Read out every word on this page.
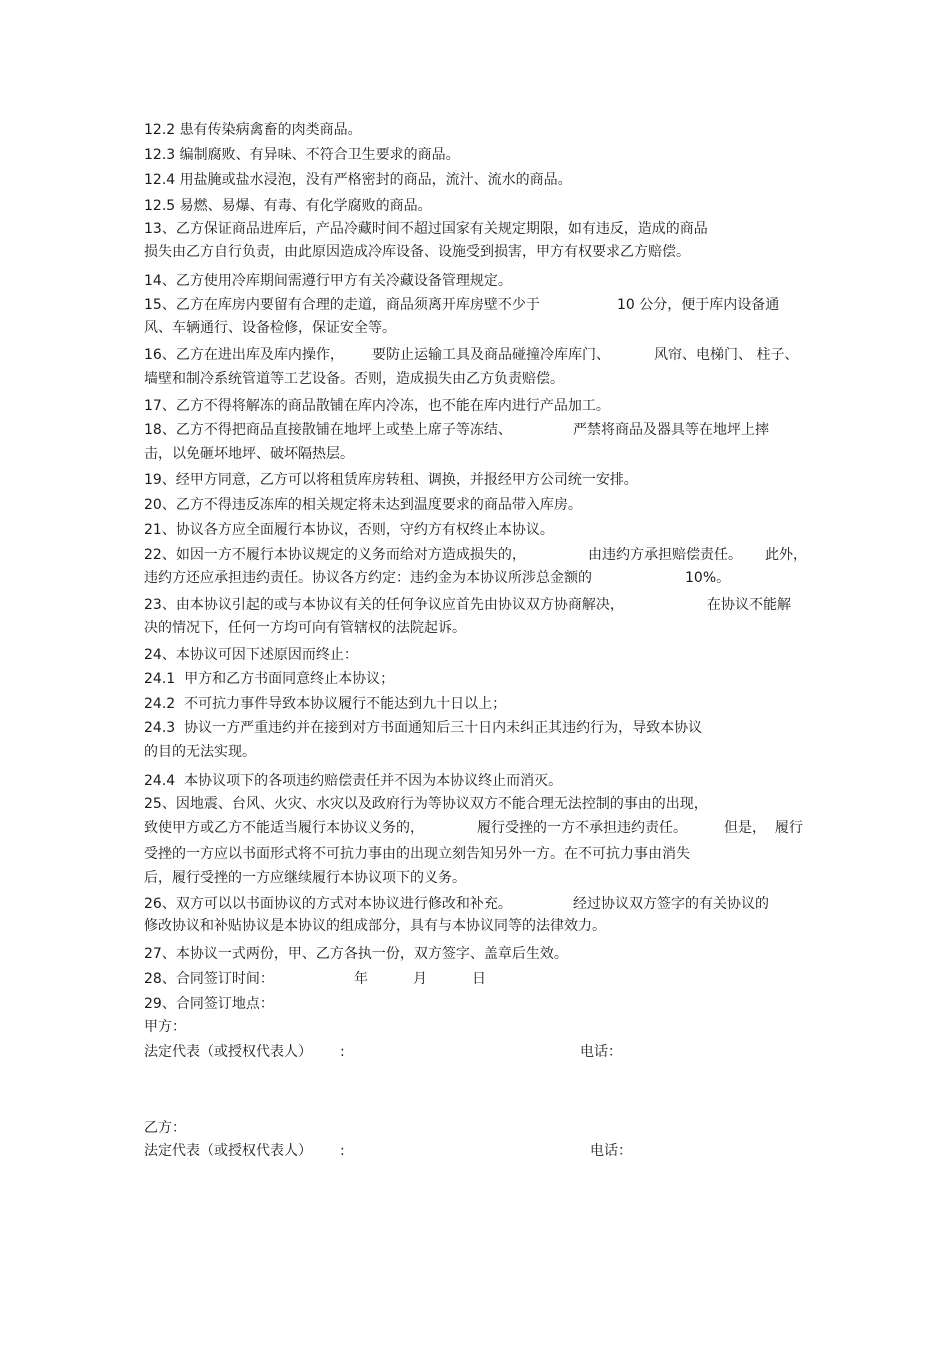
12.2 患有传染病禽畜的肉类商品。
12.3 编制腐败、有异味、不符合卫生要求的商品。
12.4 用盐腌或盐水浸泡，没有严格密封的商品，流汁、流水的商品。
12.5 易燃、易爆、有毒、有化学腐败的商品。
13、乙方保证商品进库后，产品冷藏时间不超过国家有关规定期限，如有违反，造成的商品
损失由乙方自行负责，由此原因造成冷库设备、设施受到损害，甲方有权要求乙方赔偿。
14、乙方使用冷库期间需遵行甲方有关冷藏设备管理规定。
15、乙方在库房内要留有合理的走道，商品须离开库房壁不少于	10 公分，便于库内设备通
风、车辆通行、设备检修，保证安全等。
16、乙方在进出库及库内操作， 要防止运输工具及商品碰撞冷库库门、	风帘、电梯门、 柱子、
墙壁和制冷系统管道等工艺设备。否则，造成损失由乙方负责赔偿。
17、乙方不得将解冻的商品散铺在库内冷冻，也不能在库内进行产品加工。
18、乙方不得把商品直接散铺在地坪上或垫上席子等冻结、	严禁将商品及器具等在地坪上摔
击，以免砸坏地坪、破坏隔热层。
19、经甲方同意，乙方可以将租赁库房转租、调换，并报经甲方公司统一安排。
20、乙方不得违反冻库的相关规定将未达到温度要求的商品带入库房。
21、协议各方应全面履行本协议，否则，守约方有权终止本协议。
22、如因一方不履行本协议规定的义务而给对方造成损失的，	由违约方承担赔偿责任。 此外，
违约方还应承担违约责任。协议各方约定：违约金为本协议所涉总金额的	10%。
23、由本协议引起的或与本协议有关的任何争议应首先由协议双方协商解决，	在协议不能解
决的情况下，任何一方均可向有管辖权的法院起诉。
24、本协议可因下述原因而终止：
24.1  甲方和乙方书面同意终止本协议；
24.2  不可抗力事件导致本协议履行不能达到九十日以上；
24.3  协议一方严重违约并在接到对方书面通知后三十日内未纠正其违约行为，导致本协议
的目的无法实现。
24.4  本协议项下的各项违约赔偿责任并不因为本协议终止而消灭。
25、因地震、台风、火灾、水灾以及政府行为等协议双方不能合理无法控制的事由的出现，
致使甲方或乙方不能适当履行本协议义务的，	履行受挫的一方不承担违约责任。	但是，  履行
受挫的一方应以书面形式将不可抗力事由的出现立刻告知另外一方。在不可抗力事由消失
后，履行受挫的一方应继续履行本协议项下的义务。
26、双方可以以书面协议的方式对本协议进行修改和补充。	经过协议双方签字的有关协议的
修改协议和补贴协议是本协议的组成部分，具有与本协议同等的法律效力。
27、本协议一式两份，甲、乙方各执一份，双方签字、盖章后生效。
28、合同签订时间：	年	月	日
29、合同签订地点：
甲方：
法定代表（或授权代表人） :	电话：
乙方：
法定代表（或授权代表人） :	电话：
